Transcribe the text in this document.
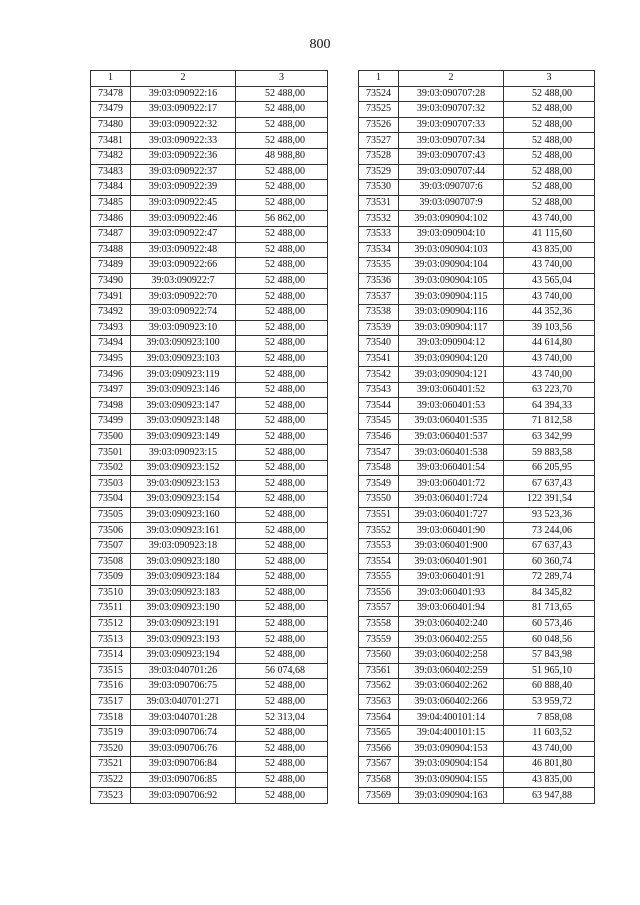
800
1	2	3
73478	39:03:090922:16	52 488,00
73479	39:03:090922:17	52 488,00
73480	39:03:090922:32	52 488,00
73481	39:03:090922:33	52 488,00
73482	39:03:090922:36	48 988,80
73483	39:03:090922:37	52 488,00
73484	39:03:090922:39	52 488,00
73485	39:03:090922:45	52 488,00
73486	39:03:090922:46	56 862,00
73487	39:03:090922:47	52 488,00
73488	39:03:090922:48	52 488,00
73489	39:03:090922:66	52 488,00
73490	39:03:090922:7	52 488,00
73491	39:03:090922:70	52 488,00
73492	39:03:090922:74	52 488,00
73493	39:03:090923:10	52 488,00
73494	39:03:090923:100	52 488,00
73495	39:03:090923:103	52 488,00
73496	39:03:090923:119	52 488,00
73497	39:03:090923:146	52 488,00
73498	39:03:090923:147	52 488,00
73499	39:03:090923:148	52 488,00
73500	39:03:090923:149	52 488,00
73501	39:03:090923:15	52 488,00
73502	39:03:090923:152	52 488,00
73503	39:03:090923:153	52 488,00
73504	39:03:090923:154	52 488,00
73505	39:03:090923:160	52 488,00
73506	39:03:090923:161	52 488,00
73507	39:03:090923:18	52 488,00
73508	39:03:090923:180	52 488,00
73509	39:03:090923:184	52 488,00
73510	39:03:090923:183	52 488,00
73511	39:03:090923:190	52 488,00
73512	39:03:090923:191	52 488,00
73513	39:03:090923:193	52 488,00
73514	39:03:090923:194	52 488,00
73515	39:03:040701:26	56 074,68
73516	39:03:090706:75	52 488,00
73517	39:03:040701:271	52 488,00
73518	39:03:040701:28	52 313,04
73519	39:03:090706:74	52 488,00
73520	39:03:090706:76	52 488,00
73521	39:03:090706:84	52 488,00
73522	39:03:090706:85	52 488,00
73523	39:03:090706:92	52 488,00
1	2	3
73524	39:03:090707:28	52 488,00
73525	39:03:090707:32	52 488,00
73526	39:03:090707:33	52 488,00
73527	39:03:090707:34	52 488,00
73528	39:03:090707:43	52 488,00
73529	39:03:090707:44	52 488,00
73530	39:03:090707:6	52 488,00
73531	39:03:090707:9	52 488,00
73532	39:03:090904:102	43 740,00
73533	39:03:090904:10	41 115,60
73534	39:03:090904:103	43 835,00
73535	39:03:090904:104	43 740,00
73536	39:03:090904:105	43 565,04
73537	39:03:090904:115	43 740,00
73538	39:03:090904:116	44 352,36
73539	39:03:090904:117	39 103,56
73540	39:03:090904:12	44 614,80
73541	39:03:090904:120	43 740,00
73542	39:03:090904:121	43 740,00
73543	39:03:060401:52	63 223,70
73544	39:03:060401:53	64 394,33
73545	39:03:060401:535	71 812,58
73546	39:03:060401:537	63 342,99
73547	39:03:060401:538	59 883,58
73548	39:03:060401:54	66 205,95
73549	39:03:060401:72	67 637,43
73550	39:03:060401:724	122 391,54
73551	39:03:060401:727	93 523,36
73552	39:03:060401:90	73 244,06
73553	39:03:060401:900	67 637,43
73554	39:03:060401:901	60 360,74
73555	39:03:060401:91	72 289,74
73556	39:03:060401:93	84 345,82
73557	39:03:060401:94	81 713,65
73558	39:03:060402:240	60 573,46
73559	39:03:060402:255	60 048,56
73560	39:03:060402:258	57 843,98
73561	39:03:060402:259	51 965,10
73562	39:03:060402:262	60 888,40
73563	39:03:060402:266	53 959,72
73564	39:04:400101:14	7 858,08
73565	39:04:400101:15	11 603,52
73566	39:03:090904:153	43 740,00
73567	39:03:090904:154	46 801,80
73568	39:03:090904:155	43 835,00
73569	39:03:090904:163	63 947,88
